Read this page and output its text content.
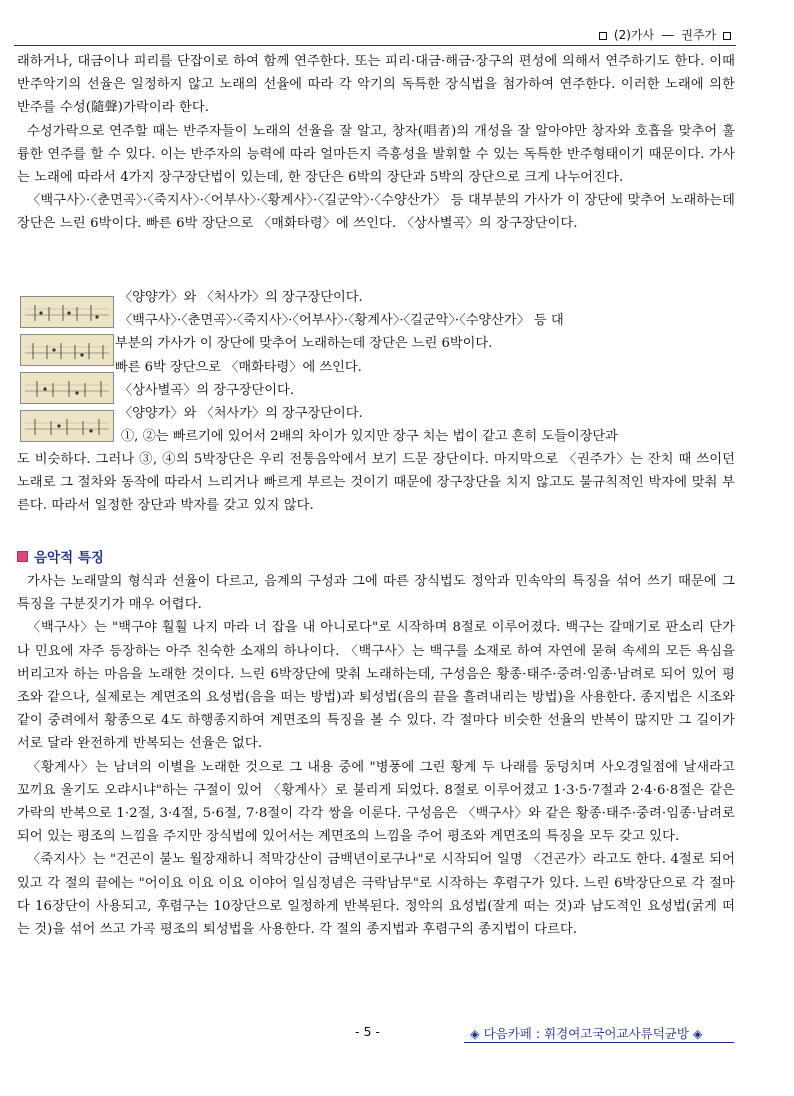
(2)가사 ― 권주가

래하거나, 대금이나 피리를 단잡이로 하여 함께 연주한다. 또는 피리·대금·해금·장구의 편성에 의해서 연주하기도 한다. 이때 반주악기의 선율은 일정하지 않고 노래의 선율에 따라 각 악기의 독특한 장식법을 첨가하여 연주한다. 이러한 노래에 의한 반주를 수성(隨聲)가락이라 한다.

수성가락으로 연주할 때는 반주자들이 노래의 선율을 잘 알고, 창자(唱者)의 개성을 잘 알아야만 창자와 호흡을 맞추어 훌륭한 연주를 할 수 있다. 이는 반주자의 능력에 따라 얼마든지 즉흥성을 발휘할 수 있는 독특한 반주형태이기 때문이다. 가사는 노래에 따라서 4가지 장구장단법이 있는데, 한 장단은 6박의 장단과 5박의 장단으로 크게 나누어진다.

〈백구사〉·〈춘면곡〉·〈죽지사〉·〈어부사〉·〈황계사〉·〈길군악〉·〈수양산가〉 등 대부분의 가사가 이 장단에 맞추어 노래하는데 장단은 느린 6박이다. 빠른 6박 장단으로 〈매화타령〉에 쓰인다. 〈상사별곡〉의 장구장단이다.

〈양양가〉와 〈처사가〉의 장구장단이다.
〈백구사〉·〈춘면곡〉·〈죽지사〉·〈어부사〉·〈황계사〉·〈길군악〉·〈수양산가〉 등 대
부분의 가사가 이 장단에 맞추어 노래하는데 장단은 느린 6박이다.
빠른 6박 장단으로 〈매화타령〉에 쓰인다.
〈상사별곡〉의 장구장단이다.
〈양양가〉와 〈처사가〉의 장구장단이다.
①, ②는 빠르기에 있어서 2배의 차이가 있지만 장구 치는 법이 같고 흔히 도들이장단과

도 비슷하다. 그러나 ③, ④의 5박장단은 우리 전통음악에서 보기 드문 장단이다. 마지막으로 〈권주가〉는 잔치 때 쓰이던 노래로 그 절차와 동작에 따라서 느리거나 빠르게 부르는 것이기 때문에 장구장단을 치지 않고도 불규칙적인 박자에 맞춰 부른다. 따라서 일정한 장단과 박자를 갖고 있지 않다.

음악적 특징

가사는 노래말의 형식과 선율이 다르고, 음계의 구성과 그에 따른 장식법도 정악과 민속악의 특징을 섞어 쓰기 때문에 그 특징을 구분짓기가 매우 어렵다.

〈백구사〉는 "백구야 훨훨 나지 마라 너 잡을 내 아니로다"로 시작하며 8절로 이루어졌다. 백구는 갈매기로 판소리 단가나 민요에 자주 등장하는 아주 친숙한 소재의 하나이다. 〈백구사〉는 백구를 소재로 하여 자연에 묻혀 속세의 모든 욕심을 버리고자 하는 마음을 노래한 것이다. 느린 6박장단에 맞춰 노래하는데, 구성음은 황종·태주·중려·임종·남려로 되어 있어 평조와 같으나, 실제로는 계면조의 요성법(음을 떠는 방법)과 퇴성법(음의 끝을 흘려내리는 방법)을 사용한다. 종지법은 시조와 같이 중려에서 황종으로 4도 하행종지하여 계면조의 특징을 볼 수 있다. 각 절마다 비슷한 선율의 반복이 많지만 그 길이가 서로 달라 완전하게 반복되는 선율은 없다.

〈황계사〉는 남녀의 이별을 노래한 것으로 그 내용 중에 "병풍에 그린 황계 두 나래를 둥덩치며 사오경일점에 날새라고 꼬끼요 울기도 오랴시냐"하는 구절이 있어 〈황계사〉로 불리게 되었다. 8절로 이루어졌고 1·3·5·7절과 2·4·6·8절은 같은 가락의 반복으로 1·2절, 3·4절, 5·6절, 7·8절이 각각 쌍을 이룬다. 구성음은 〈백구사〉와 같은 황종·태주·중려·임종·남려로 되어 있는 평조의 느낌을 주지만 장식법에 있어서는 계면조의 느낌을 주어 평조와 계면조의 특징을 모두 갖고 있다.

〈죽지사〉는 "건곤이 불노 월장재하니 적막강산이 금백년이로구나"로 시작되어 일명 〈건곤가〉라고도 한다. 4절로 되어 있고 각 절의 끝에는 "어이요 이요 이요 이야어 일심정념은 극락남무"로 시작하는 후렴구가 있다. 느린 6박장단으로 각 절마다 16장단이 사용되고, 후렴구는 10장단으로 일정하게 반복된다. 정악의 요성법(잘게 떠는 것)과 남도적인 요성법(굵게 떠는 것)을 섞어 쓰고 가곡 평조의 퇴성법을 사용한다. 각 절의 종지법과 후렴구의 종지법이 다르다.

- 5 -	◈ 다음카페 : 휘경여고국어교사류덕균방 ◈
